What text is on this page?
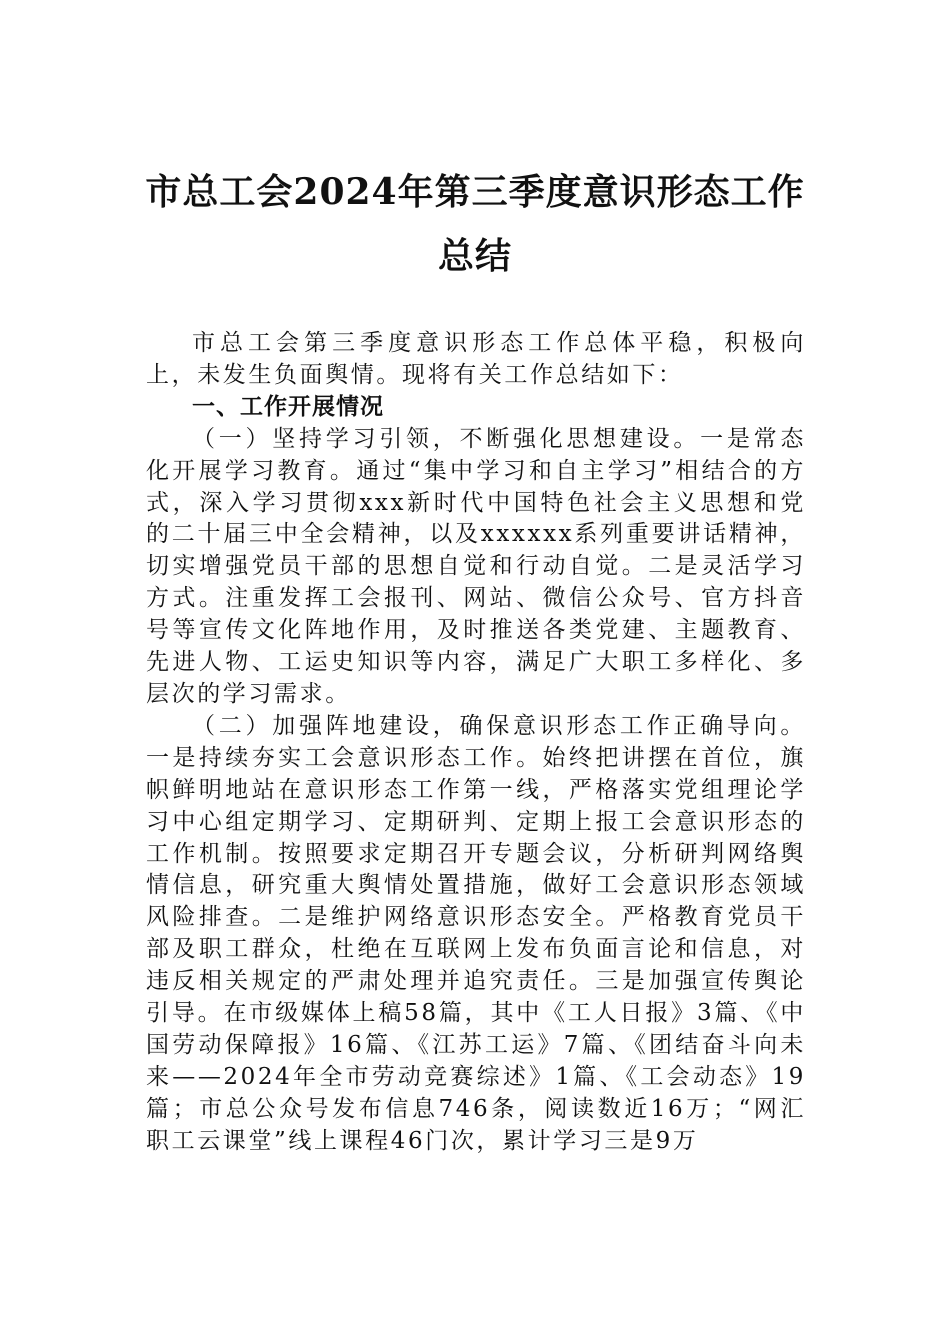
市总工会2024年第三季度意识形态工作总结

市总工会第三季度意识形态工作总体平稳，积极向上，未发生负面舆情。现将有关工作总结如下：

一、工作开展情况

（一）坚持学习引领，不断强化思想建设。一是常态化开展学习教育。通过“集中学习和自主学习”相结合的方式，深入学习贯彻xxx新时代中国特色社会主义思想和党的二十届三中全会精神，以及xxxxxx系列重要讲话精神，切实增强党员干部的思想自觉和行动自觉。二是灵活学习方式。注重发挥工会报刊、网站、微信公众号、官方抖音号等宣传文化阵地作用，及时推送各类党建、主题教育、先进人物、工运史知识等内容，满足广大职工多样化、多层次的学习需求。

（二）加强阵地建设，确保意识形态工作正确导向。一是持续夯实工会意识形态工作。始终把讲摆在首位，旗帜鲜明地站在意识形态工作第一线，严格落实党组理论学习中心组定期学习、定期研判、定期上报工会意识形态的工作机制。按照要求定期召开专题会议，分析研判网络舆情信息，研究重大舆情处置措施，做好工会意识形态领域风险排查。二是维护网络意识形态安全。严格教育党员干部及职工群众，杜绝在互联网上发布负面言论和信息，对违反相关规定的严肃处理并追究责任。三是加强宣传舆论引导。在市级媒体上稿58篇，其中《工人日报》3篇、《中国劳动保障报》16篇、《江苏工运》7篇、《团结奋斗向未来——2024年全市劳动竞赛综述》1篇、《工会动态》19篇；市总公众号发布信息746条，阅读数近16万；“网汇职工云课堂”线上课程46门次，累计学习三是9万
